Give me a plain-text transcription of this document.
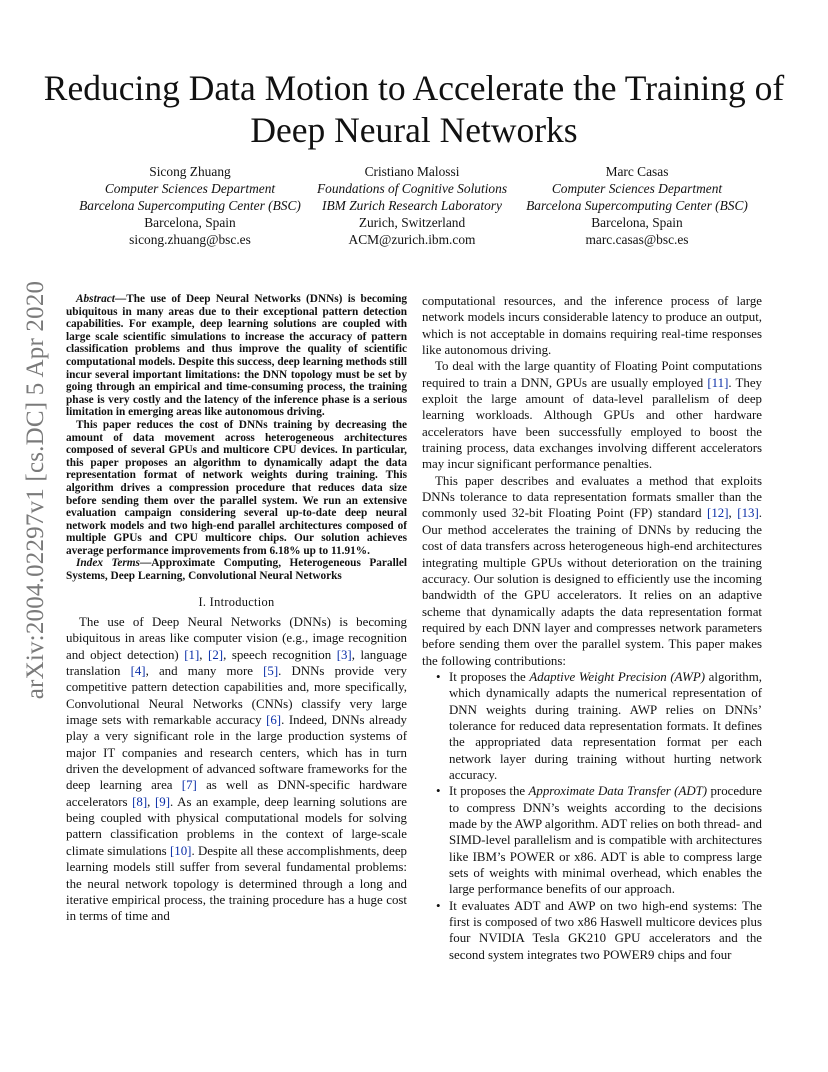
Reducing Data Motion to Accelerate the Training of Deep Neural Networks
Sicong Zhuang
Computer Sciences Department
Barcelona Supercomputing Center (BSC)
Barcelona, Spain
sicong.zhuang@bsc.es
Cristiano Malossi
Foundations of Cognitive Solutions
IBM Zurich Research Laboratory
Zurich, Switzerland
ACM@zurich.ibm.com
Marc Casas
Computer Sciences Department
Barcelona Supercomputing Center (BSC)
Barcelona, Spain
marc.casas@bsc.es
arXiv:2004.02297v1 [cs.DC] 5 Apr 2020	Abstract—The use of Deep Neural Networks (DNNs) is becoming ubiquitous in many areas due to their exceptional pattern detection capabilities. For example, deep learning solutions are coupled with large scale scientific simulations to increase the accuracy of pattern classification problems and thus improve the quality of scientific computational models. Despite this success, deep learning methods still incur several important limitations: the DNN topology must be set by going through an empirical and time-consuming process, the training phase is very costly and the latency of the inference phase is a serious limitation in emerging areas like autonomous driving.

This paper reduces the cost of DNNs training by decreasing the amount of data movement across heterogeneous architectures composed of several GPUs and multicore CPU devices. In particular, this paper proposes an algorithm to dynamically adapt the data representation format of network weights during training. This algorithm drives a compression procedure that reduces data size before sending them over the parallel system. We run an extensive evaluation campaign considering several up-to-date deep neural network models and two high-end parallel architectures composed of multiple GPUs and CPU multicore chips. Our solution achieves average performance improvements from 6.18% up to 11.91%.

Index Terms—Approximate Computing, Heterogeneous Parallel Systems, Deep Learning, Convolutional Neural Networks

I. Introduction

The use of Deep Neural Networks (DNNs) is becoming ubiquitous in areas like computer vision (e.g., image recognition and object detection) [1], [2], speech recognition [3], language translation [4], and many more [5]. DNNs provide very competitive pattern detection capabilities and, more specifically, Convolutional Neural Networks (CNNs) classify very large image sets with remarkable accuracy [6]. Indeed, DNNs already play a very significant role in the large production systems of major IT companies and research centers, which has in turn driven the development of advanced software frameworks for the deep learning area [7] as well as DNN-specific hardware accelerators [8], [9]. As an example, deep learning solutions are being coupled with physical computational models for solving pattern classification problems in the context of large-scale climate simulations [10]. Despite all these accomplishments, deep learning models still suffer from several fundamental problems: the neural network topology is determined through a long and iterative empirical process, the training procedure has a huge cost in terms of time and

computational resources, and the inference process of large network models incurs considerable latency to produce an output, which is not acceptable in domains requiring real-time responses like autonomous driving.

To deal with the large quantity of Floating Point computations required to train a DNN, GPUs are usually employed [11]. They exploit the large amount of data-level parallelism of deep learning workloads. Although GPUs and other hardware accelerators have been successfully employed to boost the training process, data exchanges involving different accelerators may incur significant performance penalties.

This paper describes and evaluates a method that exploits DNNs tolerance to data representation formats smaller than the commonly used 32-bit Floating Point (FP) standard [12], [13]. Our method accelerates the training of DNNs by reducing the cost of data transfers across heterogeneous high-end architectures integrating multiple GPUs without deterioration on the training accuracy. Our solution is designed to efficiently use the incoming bandwidth of the GPU accelerators. It relies on an adaptive scheme that dynamically adapts the data representation format required by each DNN layer and compresses network parameters before sending them over the parallel system. This paper makes the following contributions:

• It proposes the Adaptive Weight Precision (AWP) algorithm, which dynamically adapts the numerical representation of DNN weights during training. AWP relies on DNNs’ tolerance for reduced data representation formats. It defines the appropriated data representation format per each network layer during training without hurting network accuracy.
• It proposes the Approximate Data Transfer (ADT) procedure to compress DNN’s weights according to the decisions made by the AWP algorithm. ADT relies on both thread- and SIMD-level parallelism and is compatible with architectures like IBM’s POWER or x86. ADT is able to compress large sets of weights with minimal overhead, which enables the large performance benefits of our approach.
• It evaluates ADT and AWP on two high-end systems: The first is composed of two x86 Haswell multicore devices plus four NVIDIA Tesla GK210 GPU accelerators and the second system integrates two POWER9 chips and four
